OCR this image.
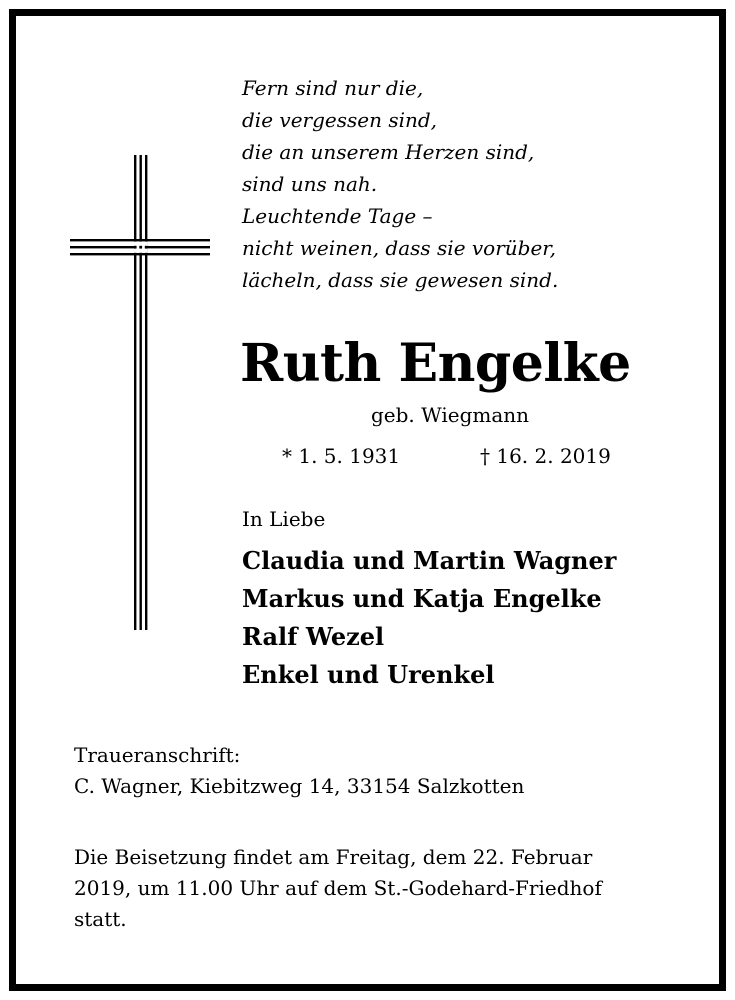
Fern sind nur die,
die vergessen sind,
die an unserem Herzen sind,
sind uns nah.
Leuchtende Tage –
nicht weinen, dass sie vorüber,
lächeln, dass sie gewesen sind.
Ruth Engelke
geb. Wiegmann
* 1. 5. 1931	† 16. 2. 2019
In Liebe
Claudia und Martin Wagner
Markus und Katja Engelke
Ralf Wezel
Enkel und Urenkel
Traueranschrift:
C. Wagner, Kiebitzweg 14, 33154 Salzkotten
Die Beisetzung findet am Freitag, dem 22. Februar
2019, um 11.00 Uhr auf dem St.-Godehard-Friedhof
statt.
